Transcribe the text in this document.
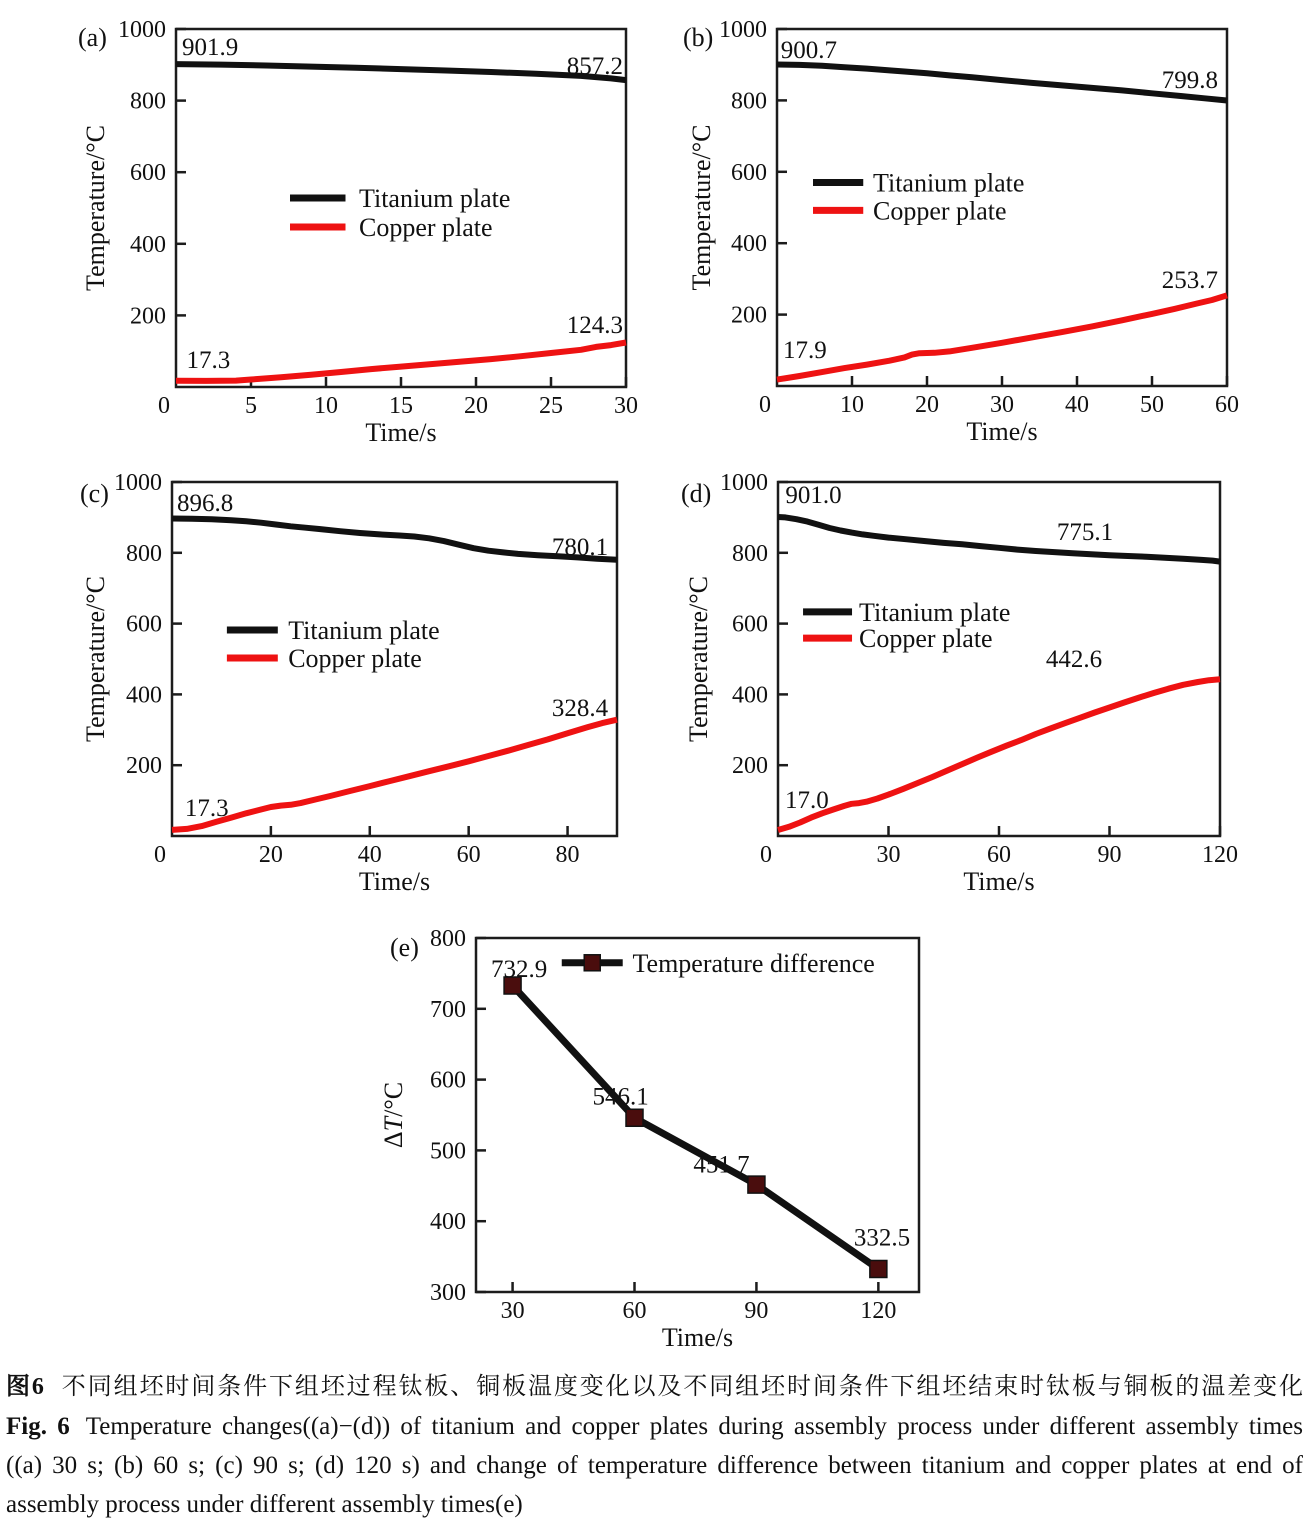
(a)
5 10 15 20 25 30
0
200
400
600
800
1000
Time/s
Temperature/°C	Titanium plate
Copper plate
901.9
857.2
17.3
124.3
(b)
10 20 30 40 50 60
0
200
400
600
800
1000
Time/s
Temperature/°C	Titanium plate
Copper plate
900.7
799.8
17.9
253.7
(c)
20	40	60	80
0
200
400
600
800
1000
Time/s
Temperature/°C	Titanium plate
Copper plate
896.8
780.1
17.3
328.4
(d)
30	60	90	120
0
200
400
600
800
1000
Time/s
Temperature/°C	Titanium plate
Copper plate
901.0
775.1
17.0
442.6
(e)
30	60	90	120
300
400
500
600
700
800
Time/s
ΔT/°C
Temperature difference
732.9
546.1
451.7
332.5

图6 不同组坯时间条件下组坯过程钛板、铜板温度变化以及不同组坯时间条件下组坯结束时钛板与铜板的温差变化

Fig. 6 Temperature changes((a)−(d)) of titanium and copper plates during assembly process under different assembly times

((a) 30 s; (b) 60 s; (c) 90 s; (d) 120 s) and change of temperature difference between titanium and copper plates at end of

assembly process under different assembly times(e)
